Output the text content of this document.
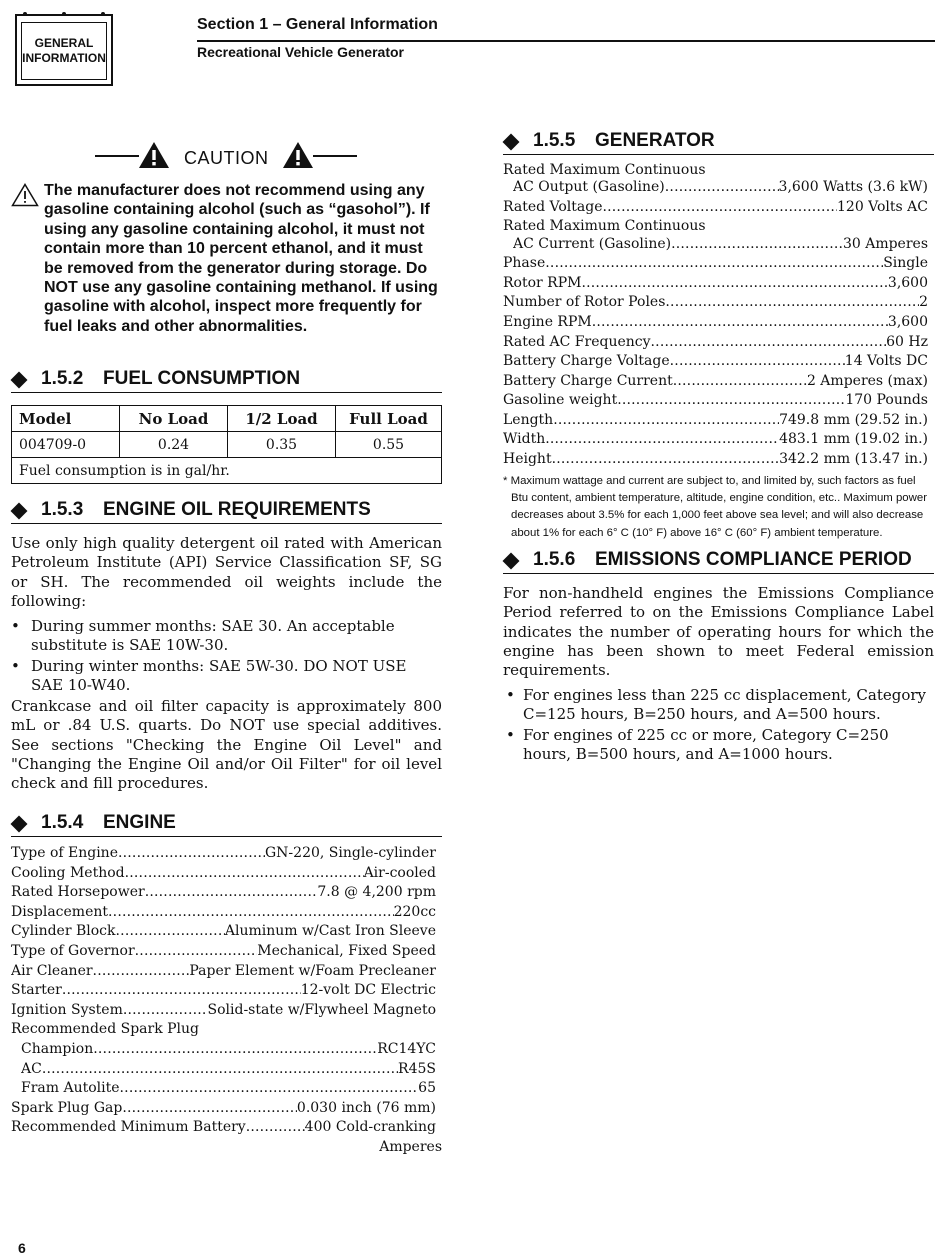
GENERAL
INFORMATION
Section 1 – General Information
Recreational Vehicle Generator
CAUTION
The manufacturer does not recommend using any gasoline containing alcohol (such as “gasohol”). If using any gasoline containing alcohol, it must not contain more than 10 percent ethanol, and it must be removed from the generator during storage. Do NOT use any gasoline containing methanol. If using gasoline with alcohol, inspect more frequently for fuel leaks and other abnormalities.
1.5.2 FUEL CONSUMPTION
Model	No Load	1/2 Load	Full Load
004709-0	0.24	0.35	0.55
Fuel consumption is in gal/hr.			
1.5.3 ENGINE OIL REQUIREMENTS
Use only high quality detergent oil rated with American Petroleum Institute (API) Service Classification SF, SG or SH. The recommended oil weights include the following:
• During summer months: SAE 30. An acceptable substitute is SAE 10W-30.
• During winter months: SAE 5W-30. DO NOT USE SAE 10-W40.
Crankcase and oil filter capacity is approximately 800 mL or .84 U.S. quarts. Do NOT use special additives. See sections "Checking the Engine Oil Level" and "Changing the Engine Oil and/or Oil Filter" for oil level check and fill procedures.
1.5.4 ENGINE
Type of Engine .....	GN-220, Single-cylinder
Cooling Method .....	Air-cooled
Rated Horsepower .....	7.8 @ 4,200 rpm
Displacement .....	220cc
Cylinder Block .....	Aluminum w/Cast Iron Sleeve
Type of Governor .....	Mechanical, Fixed Speed
Air Cleaner .....	Paper Element w/Foam Precleaner
Starter .....	12-volt DC Electric
Ignition System .....	Solid-state w/Flywheel Magneto
Recommended Spark Plug
Champion .....	RC14YC
AC .....	R45S
Fram Autolite .....	65
Spark Plug Gap .....	0.030 inch (76 mm)
Recommended Minimum Battery .....	400 Cold-cranking
Amperes
1.5.5 GENERATOR
Rated Maximum Continuous
AC Output (Gasoline) .....	3,600 Watts (3.6 kW)
Rated Voltage .....	120 Volts AC
Rated Maximum Continuous
AC Current (Gasoline) .....	30 Amperes
Phase .....	Single
Rotor RPM .....	3,600
Number of Rotor Poles .....	2
Engine RPM .....	3,600
Rated AC Frequency .....	60 Hz
Battery Charge Voltage .....	14 Volts DC
Battery Charge Current .....	2 Amperes (max)
Gasoline weight .....	170 Pounds
Length .....	749.8 mm (29.52 in.)
Width .....	483.1 mm (19.02 in.)
Height .....	342.2 mm (13.47 in.)
* Maximum wattage and current are subject to, and limited by, such factors as fuel Btu content, ambient temperature, altitude, engine condition, etc.. Maximum power decreases about 3.5% for each 1,000 feet above sea level; and will also decrease about 1% for each 6° C (10° F) above 16° C (60° F) ambient temperature.
1.5.6 EMISSIONS COMPLIANCE PERIOD
For non-handheld engines the Emissions Compliance Period referred to on the Emissions Compliance Label indicates the number of operating hours for which the engine has been shown to meet Federal emission requirements.
• For engines less than 225 cc displacement, Category C=125 hours, B=250 hours, and A=500 hours.
• For engines of 225 cc or more, Category C=250 hours, B=500 hours, and A=1000 hours.
6
